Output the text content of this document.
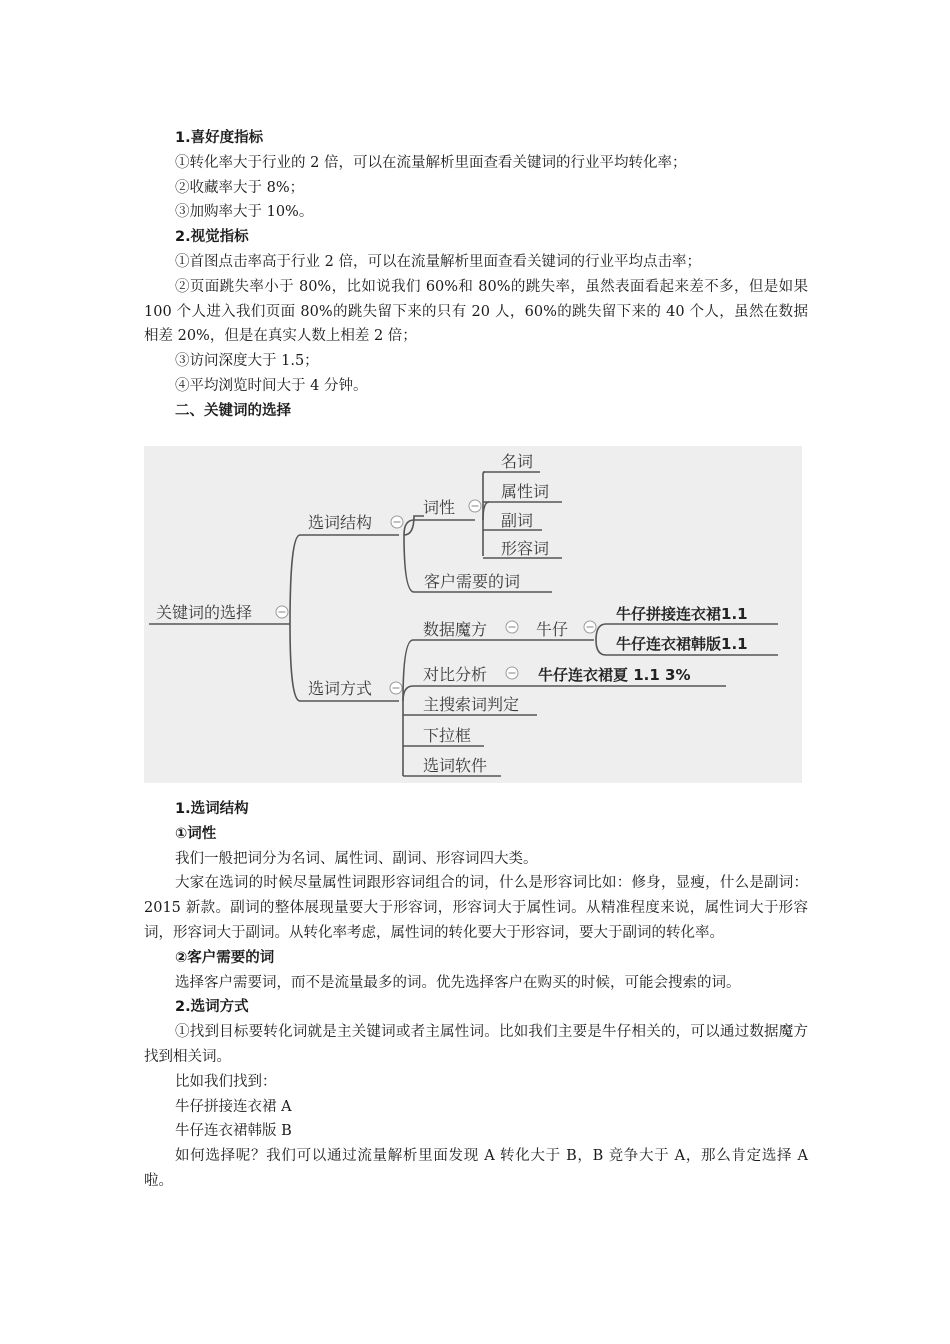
1.喜好度指标
①转化率大于行业的 2 倍，可以在流量解析里面查看关键词的行业平均转化率；
②收藏率大于 8%；
③加购率大于 10%。
2.视觉指标
①首图点击率高于行业 2 倍，可以在流量解析里面查看关键词的行业平均点击率；
②页面跳失率小于 80%，比如说我们 60%和 80%的跳失率，虽然表面看起来差不多，但是如果 100 个人进入我们页面 80%的跳失留下来的只有 20 人，60%的跳失留下来的 40 个人，虽然在数据相差 20%，但是在真实人数上相差 2 倍；
③访问深度大于 1.5；
④平均浏览时间大于 4 分钟。
二、关键词的选择
关键词的选择
选词结构
词性
名词
属性词
副词
形容词
客户需要的词
选词方式
数据魔方	牛仔
牛仔拼接连衣裙1.1
牛仔连衣裙韩版1.1
对比分析	牛仔连衣裙夏 1.1 3%
主搜索词判定
下拉框
选词软件
1.选词结构
①词性
我们一般把词分为名词、属性词、副词、形容词四大类。
大家在选词的时候尽量属性词跟形容词组合的词，什么是形容词比如：修身，显瘦，什么是副词：2015 新款。副词的整体展现量要大于形容词，形容词大于属性词。从精准程度来说，属性词大于形容词，形容词大于副词。从转化率考虑，属性词的转化要大于形容词，要大于副词的转化率。
②客户需要的词
选择客户需要词，而不是流量最多的词。优先选择客户在购买的时候，可能会搜索的词。
2.选词方式
①找到目标要转化词就是主关键词或者主属性词。比如我们主要是牛仔相关的，可以通过数据魔方找到相关词。
比如我们找到：
牛仔拼接连衣裙 A
牛仔连衣裙韩版 B
如何选择呢？我们可以通过流量解析里面发现 A 转化大于 B，B 竞争大于 A，那么肯定选择 A 啦。
